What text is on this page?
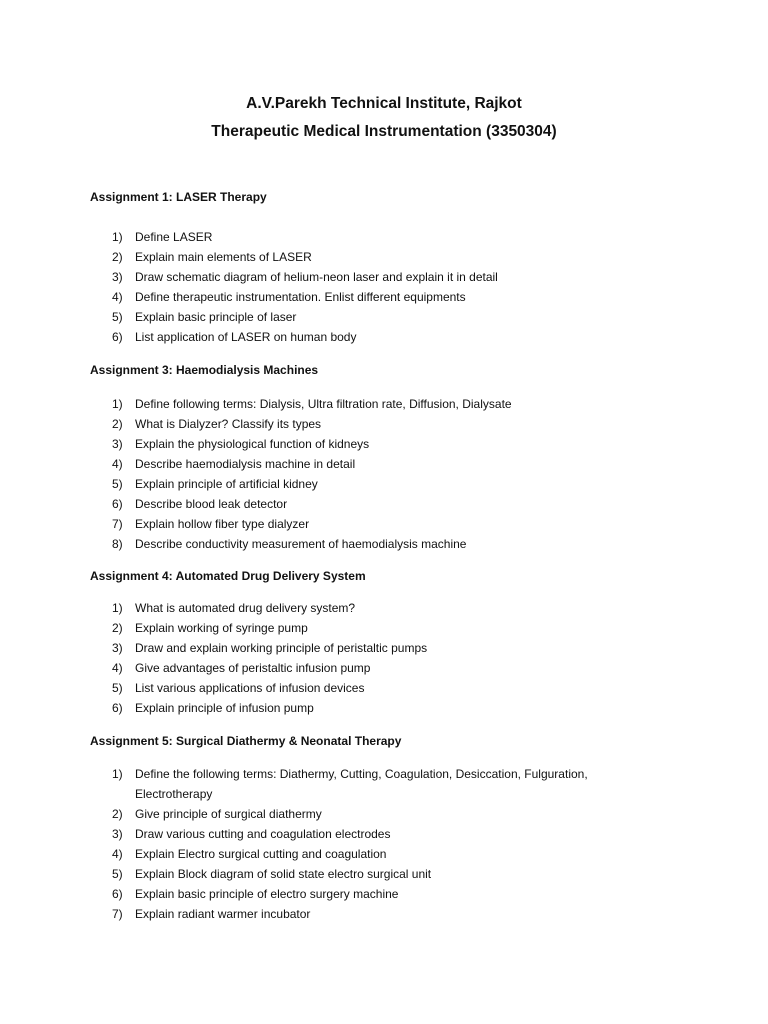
A.V.Parekh Technical Institute, Rajkot
Therapeutic Medical Instrumentation (3350304)
Assignment 1: LASER Therapy
1) Define LASER
2) Explain main elements of LASER
3) Draw schematic diagram of helium-neon laser and explain it in detail
4) Define therapeutic instrumentation. Enlist different equipments
5) Explain basic principle of laser
6) List application of LASER on human body
Assignment 3: Haemodialysis Machines
1) Define following terms: Dialysis, Ultra filtration rate, Diffusion, Dialysate
2) What is Dialyzer? Classify its types
3) Explain the physiological function of kidneys
4) Describe haemodialysis machine in detail
5) Explain principle of artificial kidney
6) Describe blood leak detector
7) Explain hollow fiber type dialyzer
8) Describe conductivity measurement of haemodialysis machine
Assignment 4: Automated Drug Delivery System
1) What is automated drug delivery system?
2) Explain working of syringe pump
3) Draw and explain working principle of peristaltic pumps
4) Give advantages of peristaltic infusion pump
5) List various applications of infusion devices
6) Explain principle of infusion pump
Assignment 5: Surgical Diathermy & Neonatal Therapy
1) Define the following terms: Diathermy, Cutting, Coagulation, Desiccation, Fulguration, Electrotherapy
2) Give principle of surgical diathermy
3) Draw various cutting and coagulation electrodes
4) Explain Electro surgical cutting and coagulation
5) Explain Block diagram of solid state electro surgical unit
6) Explain basic principle of electro surgery machine
7) Explain radiant warmer incubator
